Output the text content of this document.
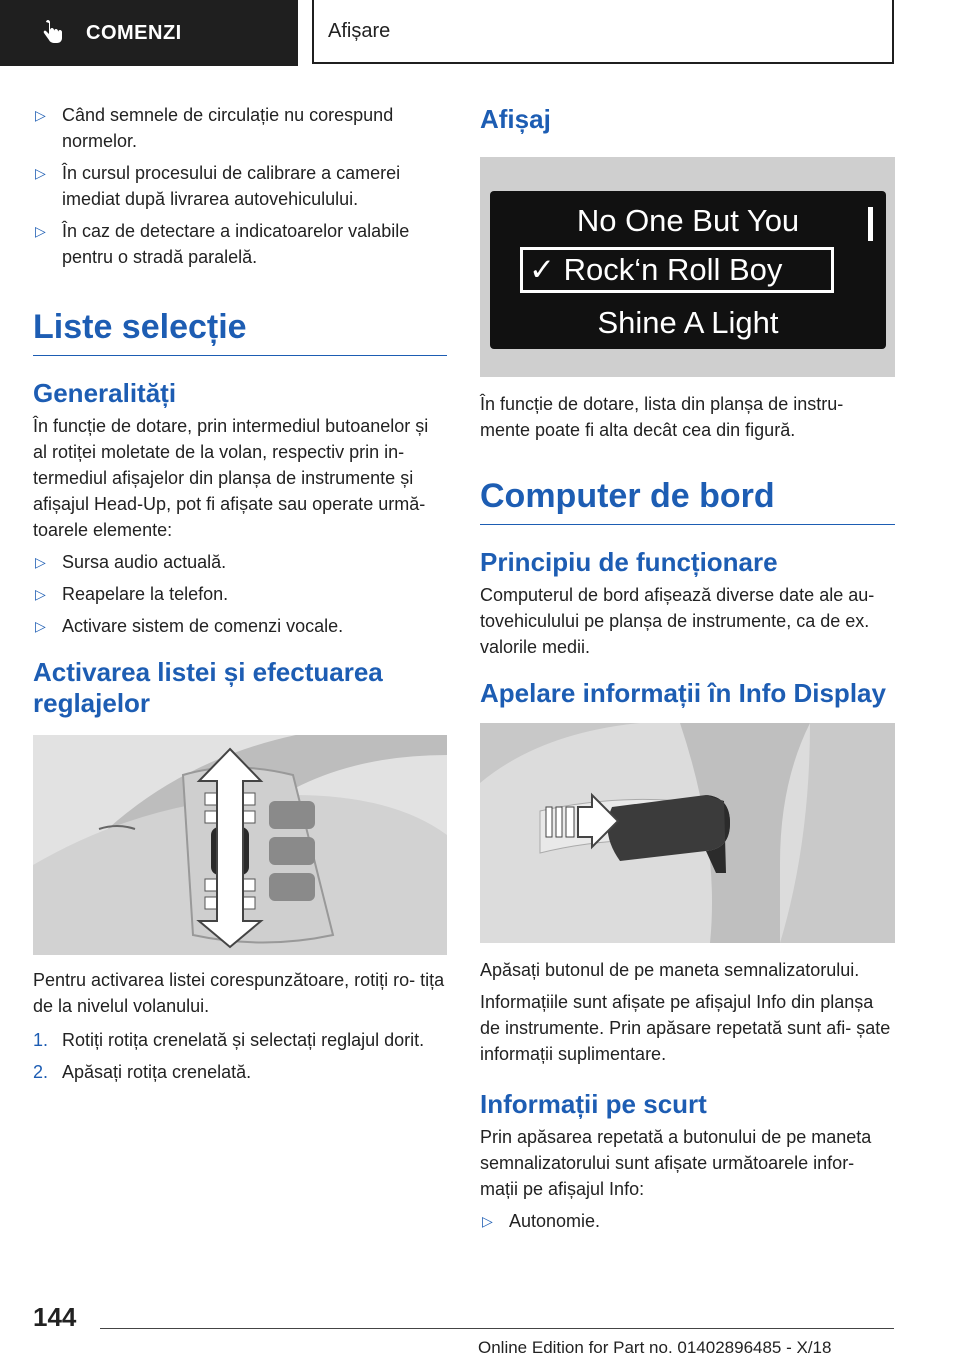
COMENZI	Afișare
▷ Când semnele de circulație nu corespund normelor.
▷ În cursul procesului de calibrare a camerei imediat după livrarea autovehiculului.
▷ În caz de detectare a indicatoarelor valabile pentru o stradă paralelă.
Liste selecție
Generalități

În funcție de dotare, prin intermediul butoanelor și al rotiței moletate de la volan, respectiv prin in- termediul afișajelor din planșa de instrumente și afișajul Head-Up, pot fi afișate sau operate urmă- toarele elemente:

▷ Sursa audio actuală.
▷ Reapelare la telefon.
▷ Activare sistem de comenzi vocale.
Activarea listei și efectuarea reglajelor

Pentru activarea listei corespunzătoare, rotiți ro- tița de la nivelul volanului.

1. Rotiți rotița crenelată și selectați reglajul dorit.
2. Apăsați rotița crenelată.
Afișaj
No One But You
✓ Rock‘n Roll Boy
Shine A Light

În funcție de dotare, lista din planșa de instru- mente poate fi alta decât cea din figură.

Computer de bord
Principiu de funcționare

Computerul de bord afișează diverse date ale au- tovehiculului pe planșa de instrumente, ca de ex. valorile medii.

Apelare informații în Info Display

Apăsați butonul de pe maneta semnalizatorului.

Informațiile sunt afișate pe afișajul Info din planșa de instrumente. Prin apăsare repetată sunt afi- șate informații suplimentare.

Informații pe scurt

Prin apăsarea repetată a butonului de pe maneta semnalizatorului sunt afișate următoarele infor- mații pe afișajul Info:

▷ Autonomie.
144
Online Edition for Part no. 01402896485 - X/18
